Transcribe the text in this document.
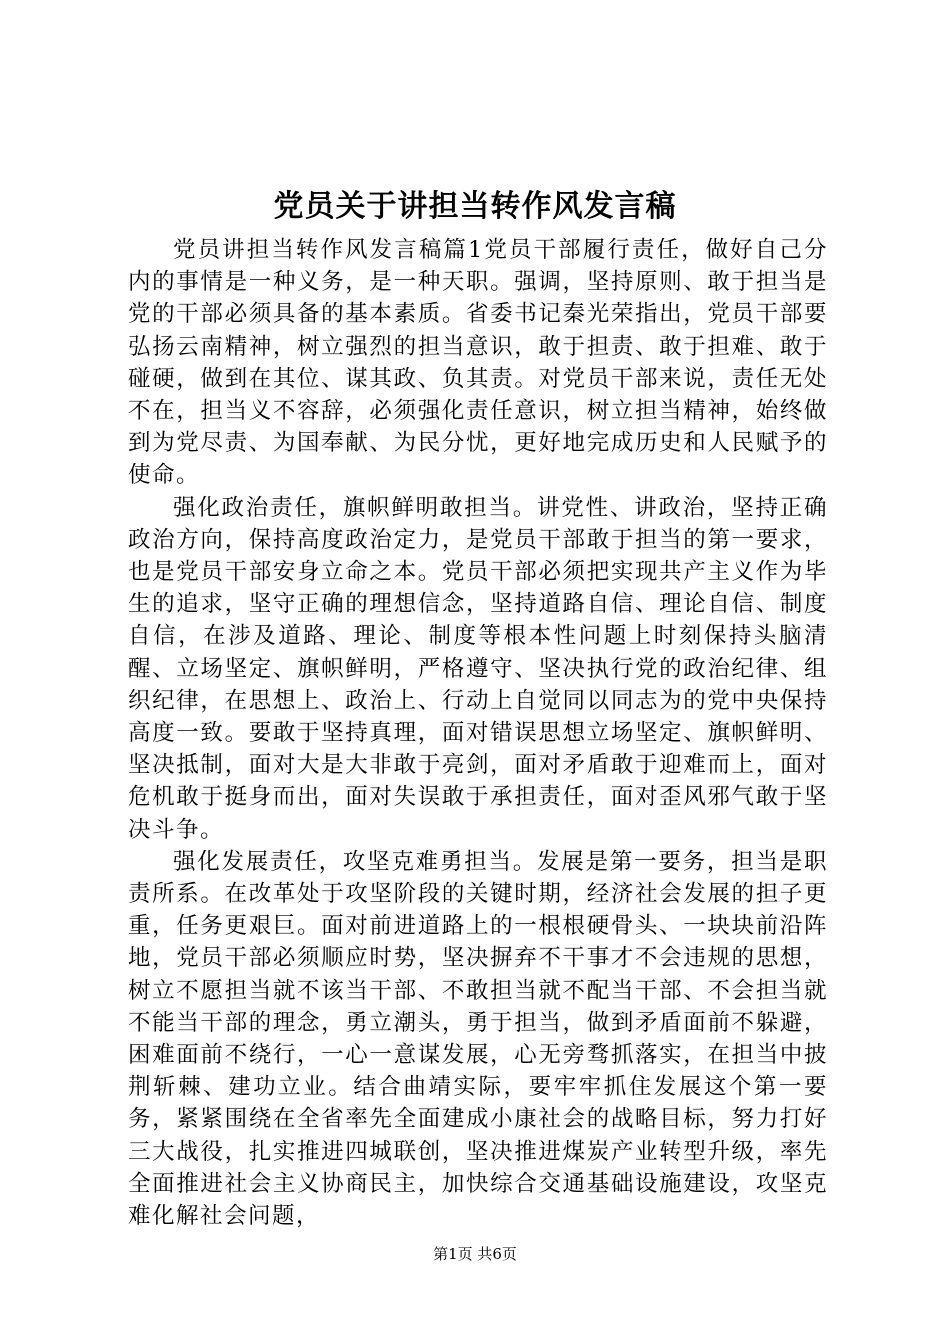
党员关于讲担当转作风发言稿

党员讲担当转作风发言稿篇1党员干部履行责任，做好自己分内的事情是一种义务，是一种天职。强调，坚持原则、敢于担当是党的干部必须具备的基本素质。省委书记秦光荣指出，党员干部要弘扬云南精神，树立强烈的担当意识，敢于担责、敢于担难、敢于碰硬，做到在其位、谋其政、负其责。对党员干部来说，责任无处不在，担当义不容辞，必须强化责任意识，树立担当精神，始终做到为党尽责、为国奉献、为民分忧，更好地完成历史和人民赋予的使命。

强化政治责任，旗帜鲜明敢担当。讲党性、讲政治，坚持正确政治方向，保持高度政治定力，是党员干部敢于担当的第一要求，也是党员干部安身立命之本。党员干部必须把实现共产主义作为毕生的追求，坚守正确的理想信念，坚持道路自信、理论自信、制度自信，在涉及道路、理论、制度等根本性问题上时刻保持头脑清醒、立场坚定、旗帜鲜明，严格遵守、坚决执行党的政治纪律、组织纪律，在思想上、政治上、行动上自觉同以同志为的党中央保持高度一致。要敢于坚持真理，面对错误思想立场坚定、旗帜鲜明、坚决抵制，面对大是大非敢于亮剑，面对矛盾敢于迎难而上，面对危机敢于挺身而出，面对失误敢于承担责任，面对歪风邪气敢于坚决斗争。

强化发展责任，攻坚克难勇担当。发展是第一要务，担当是职责所系。在改革处于攻坚阶段的关键时期，经济社会发展的担子更重，任务更艰巨。面对前进道路上的一根根硬骨头、一块块前沿阵地，党员干部必须顺应时势，坚决摒弃不干事才不会违规的思想，树立不愿担当就不该当干部、不敢担当就不配当干部、不会担当就不能当干部的理念，勇立潮头，勇于担当，做到矛盾面前不躲避，困难面前不绕行，一心一意谋发展，心无旁骛抓落实，在担当中披荆斩棘、建功立业。结合曲靖实际，要牢牢抓住发展这个第一要务，紧紧围绕在全省率先全面建成小康社会的战略目标，努力打好三大战役，扎实推进四城联创，坚决推进煤炭产业转型升级，率先全面推进社会主义协商民主，加快综合交通基础设施建设，攻坚克难化解社会问题，

第1页 共6页
